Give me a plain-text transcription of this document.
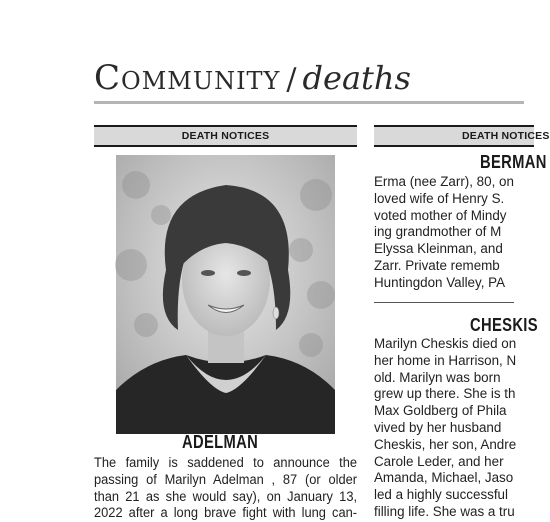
Community / deaths
DEATH NOTICES	DEATH NOTICES
ADELMAN
The family is saddened to announce the
passing of Marilyn Adelman , 87 (or older
than 21 as she would say), on January 13,
2022 after a long brave fight with lung can-
BERMAN
Erma (nee Zarr), 80, on
loved wife of Henry S.
voted mother of Mindy
ing grandmother of M
Elyssa Kleinman, and
Zarr. Private rememb
Huntingdon Valley, PA
CHESKIS
Marilyn Cheskis died on
her home in Harrison, N
old. Marilyn was born
grew up there. She is th
Max Goldberg of Phila
vived by her husband
Cheskis, her son, Andre
Carole Leder, and her
Amanda, Michael, Jaso
led a highly successful
filling life. She was a tru
